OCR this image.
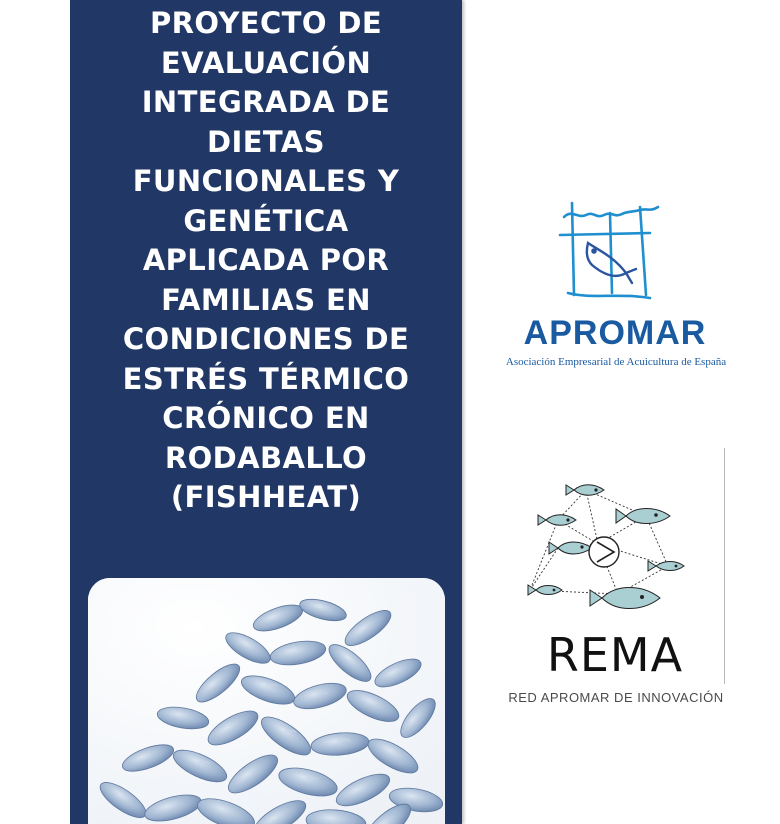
PROYECTO DE
EVALUACIÓN
INTEGRADA DE
DIETAS
FUNCIONALES Y
GENÉTICA
APLICADA POR
FAMILIAS EN
CONDICIONES DE
ESTRÉS TÉRMICO
CRÓNICO EN
RODABALLO
(FISHHEAT)
APROMAR
Asociación Empresarial de Acuicultura de España
REMA
RED APROMAR DE INNOVACIÓN
